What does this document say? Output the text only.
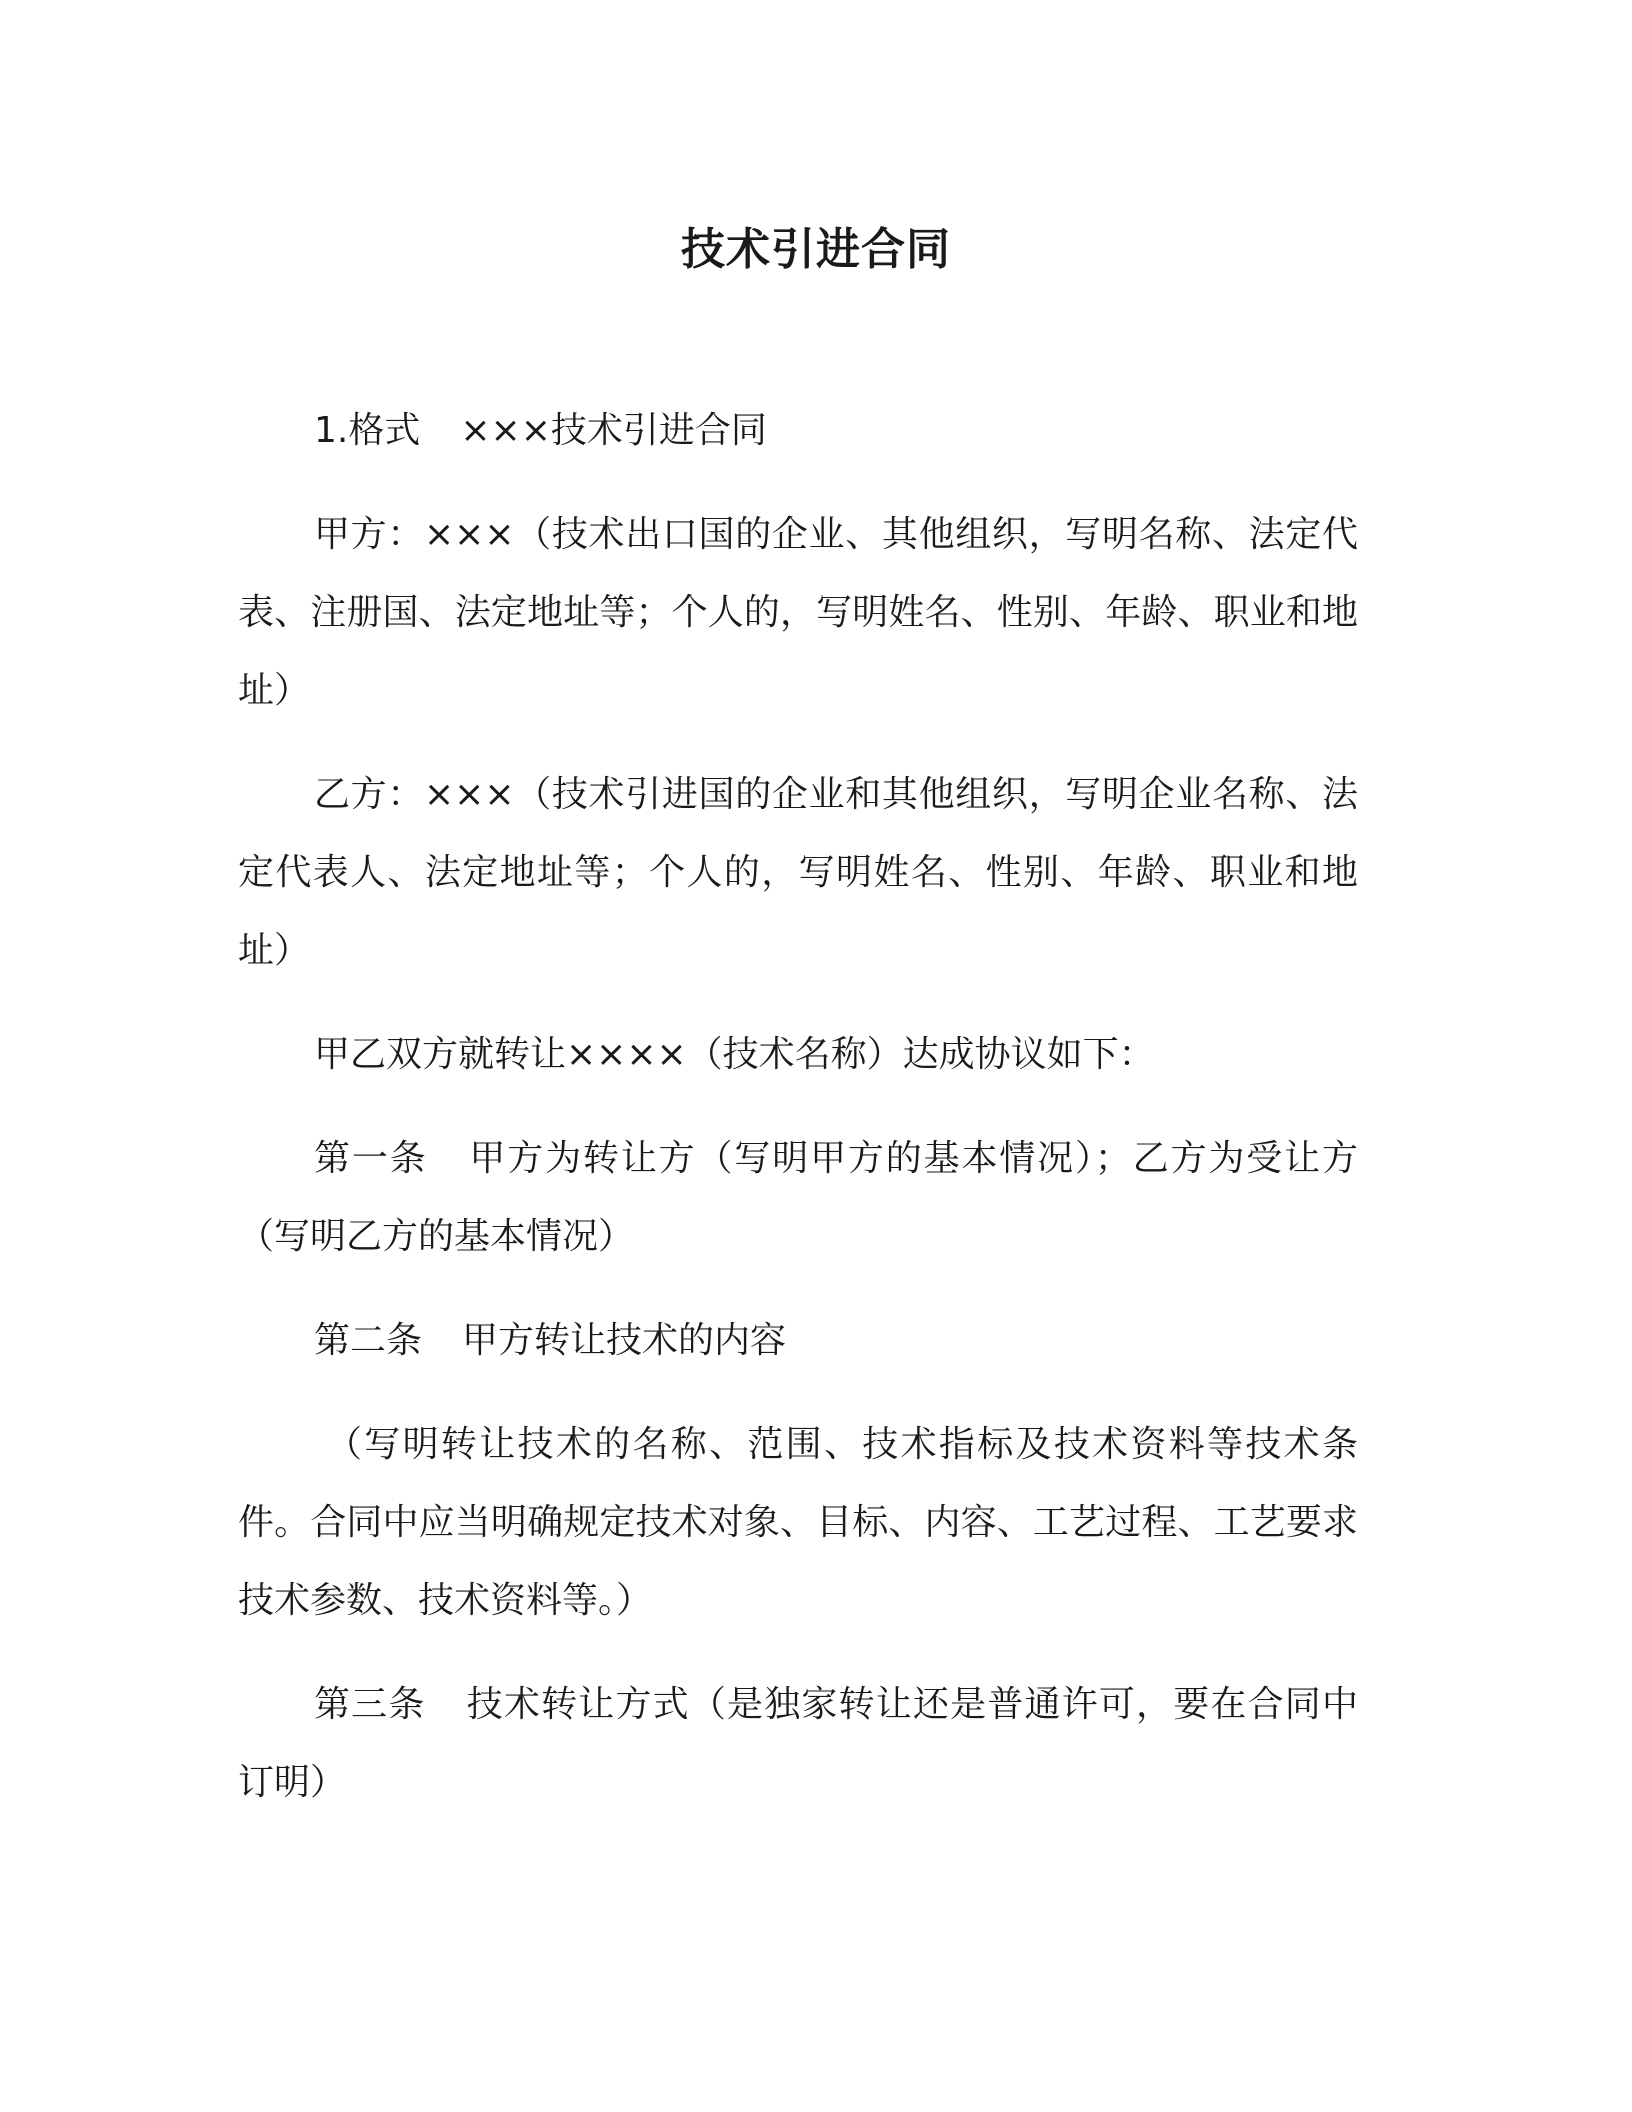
技术引进合同

1.格式 ×××技术引进合同

甲方：×××（技术出口国的企业、其他组织，写明名称、法定代表、注册国、法定地址等；个人的，写明姓名、性别、年龄、职业和地址）

乙方：×××（技术引进国的企业和其他组织，写明企业名称、法定代表人、法定地址等；个人的，写明姓名、性别、年龄、职业和地址）

甲乙双方就转让××××（技术名称）达成协议如下：

第一条 甲方为转让方（写明甲方的基本情况）；乙方为受让方（写明乙方的基本情况）

第二条 甲方转让技术的内容

（写明转让技术的名称、范围、技术指标及技术资料等技术条件。合同中应当明确规定技术对象、目标、内容、工艺过程、工艺要求技术参数、技术资料等。）

第三条 技术转让方式（是独家转让还是普通许可，要在合同中订明）
